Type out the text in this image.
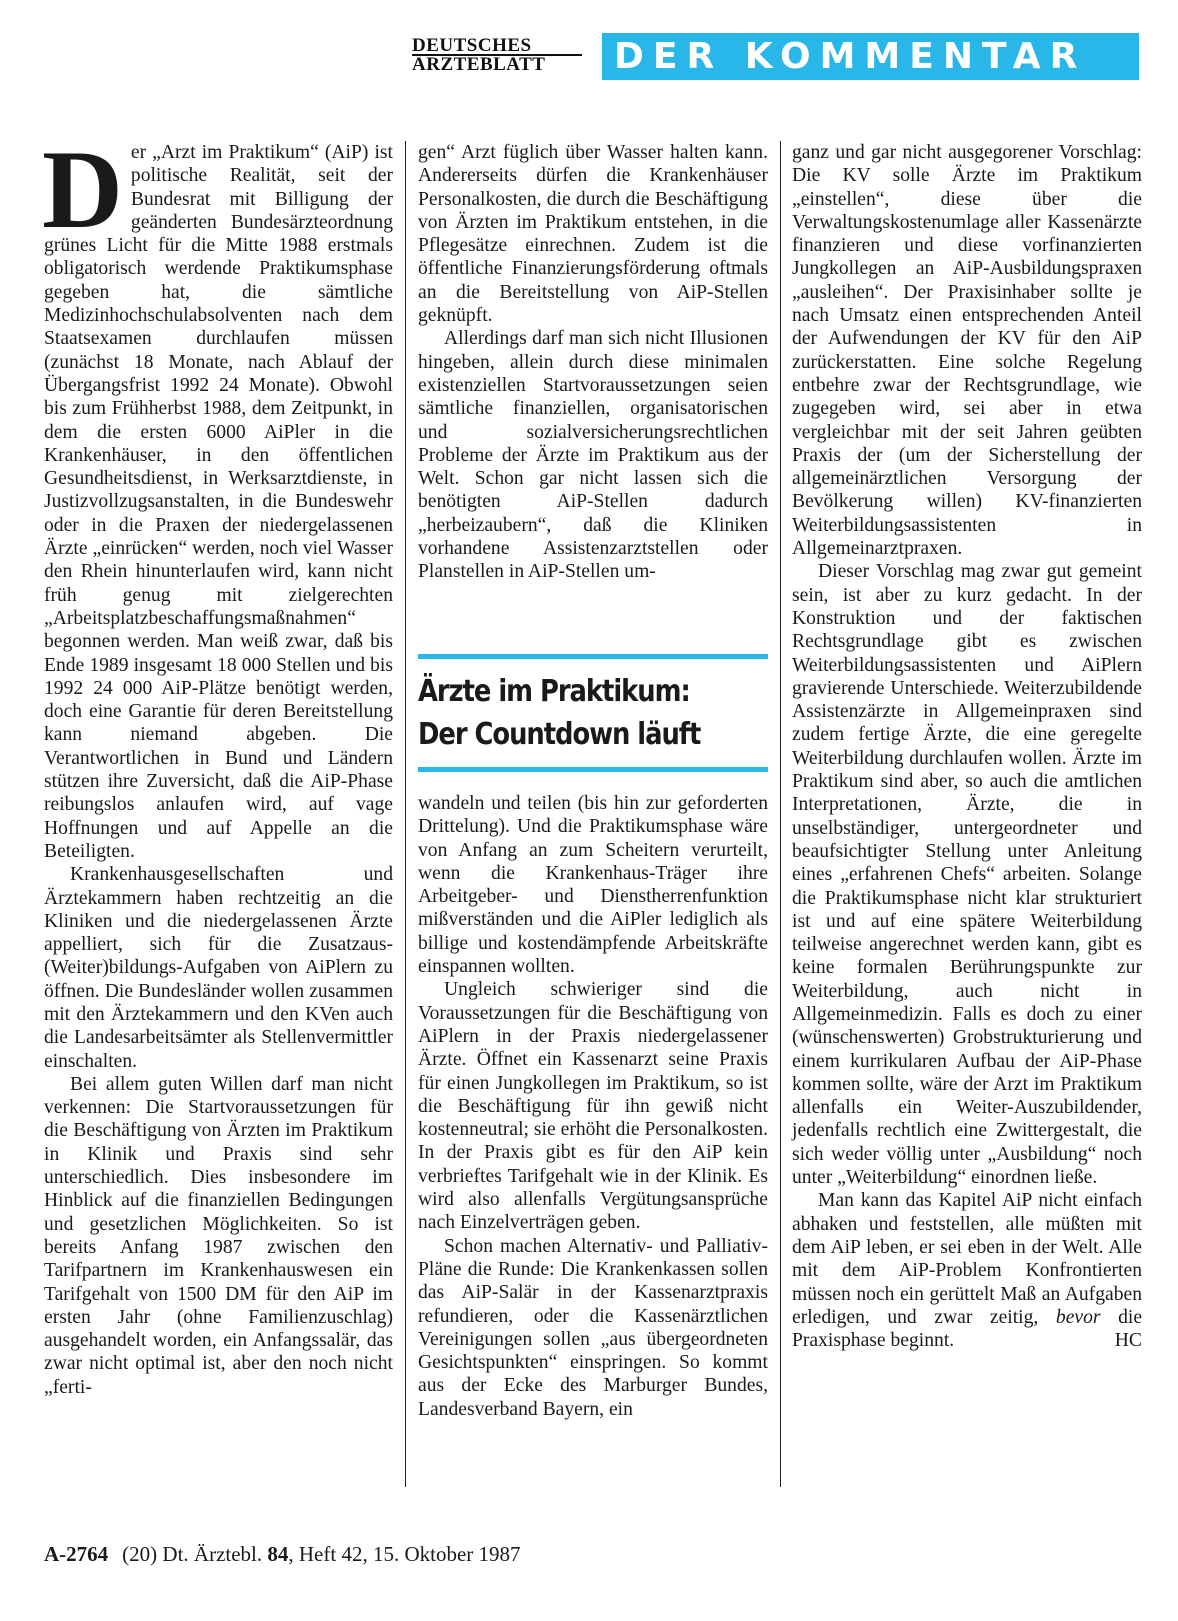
DEUTSCHES
ÄRZTEBLATT	DER KOMMENTAR

Der „Arzt im Praktikum“ (AiP) ist politische Realität, seit der Bundesrat mit Billigung der geänderten Bundesärzteordnung grünes Licht für die Mitte 1988 erstmals obligatorisch werdende Praktikumsphase gegeben hat, die sämtliche Medizinhochschulabsolventen nach dem Staatsexamen durchlaufen müssen (zunächst 18 Monate, nach Ablauf der Übergangsfrist 1992 24 Monate). Obwohl bis zum Frühherbst 1988, dem Zeitpunkt, in dem die ersten 6000 AiPler in die Krankenhäuser, in den öffentlichen Gesundheitsdienst, in Werksarztdienste, in Justizvollzugsanstalten, in die Bundeswehr oder in die Praxen der niedergelassenen Ärzte „einrücken“ werden, noch viel Wasser den Rhein hinunterlaufen wird, kann nicht früh genug mit zielgerechten „Arbeitsplatzbeschaffungsmaßnahmen“ begonnen werden. Man weiß zwar, daß bis Ende 1989 insgesamt 18 000 Stellen und bis 1992 24 000 AiP-Plätze benötigt werden, doch eine Garantie für deren Bereitstellung kann niemand abgeben. Die Verantwortlichen in Bund und Ländern stützen ihre Zuversicht, daß die AiP-Phase reibungslos anlaufen wird, auf vage Hoffnungen und auf Appelle an die Beteiligten.

Krankenhausgesellschaften und Ärztekammern haben rechtzeitig an die Kliniken und die niedergelassenen Ärzte appelliert, sich für die Zusatzaus-(Weiter)bildungs-Aufgaben von AiPlern zu öffnen. Die Bundesländer wollen zusammen mit den Ärztekammern und den KVen auch die Landesarbeitsämter als Stellenvermittler einschalten.

Bei allem guten Willen darf man nicht verkennen: Die Startvoraussetzungen für die Beschäftigung von Ärzten im Praktikum in Klinik und Praxis sind sehr unterschiedlich. Dies insbesondere im Hinblick auf die finanziellen Bedingungen und gesetzlichen Möglichkeiten. So ist bereits Anfang 1987 zwischen den Tarifpartnern im Krankenhauswesen ein Tarifgehalt von 1500 DM für den AiP im ersten Jahr (ohne Familienzuschlag) ausgehandelt worden, ein Anfangssalär, das zwar nicht optimal ist, aber den noch nicht „ferti-

gen“ Arzt füglich über Wasser halten kann. Andererseits dürfen die Krankenhäuser Personalkosten, die durch die Beschäftigung von Ärzten im Praktikum entstehen, in die Pflegesätze einrechnen. Zudem ist die öffentliche Finanzierungsförderung oftmals an die Bereitstellung von AiP-Stellen geknüpft.

Allerdings darf man sich nicht Illusionen hingeben, allein durch diese minimalen existenziellen Startvoraussetzungen seien sämtliche finanziellen, organisatorischen und sozialversicherungsrechtlichen Probleme der Ärzte im Praktikum aus der Welt. Schon gar nicht lassen sich die benötigten AiP-Stellen dadurch „herbeizaubern“, daß die Kliniken vorhandene Assistenzarztstellen oder Planstellen in AiP-Stellen um-

Ärzte im Praktikum:
Der Countdown läuft

wandeln und teilen (bis hin zur geforderten Drittelung). Und die Praktikumsphase wäre von Anfang an zum Scheitern verurteilt, wenn die Krankenhaus-Träger ihre Arbeitgeber- und Dienstherrenfunktion mißverständen und die AiPler lediglich als billige und kostendämpfende Arbeitskräfte einspannen wollten.

Ungleich schwieriger sind die Voraussetzungen für die Beschäftigung von AiPlern in der Praxis niedergelassener Ärzte. Öffnet ein Kassenarzt seine Praxis für einen Jungkollegen im Praktikum, so ist die Beschäftigung für ihn gewiß nicht kostenneutral; sie erhöht die Personalkosten. In der Praxis gibt es für den AiP kein verbrieftes Tarifgehalt wie in der Klinik. Es wird also allenfalls Vergütungsansprüche nach Einzelverträgen geben.

Schon machen Alternativ- und Palliativ-Pläne die Runde: Die Krankenkassen sollen das AiP-Salär in der Kassenarztpraxis refundieren, oder die Kassenärztlichen Vereinigungen sollen „aus übergeordneten Gesichtspunkten“ einspringen. So kommt aus der Ecke des Marburger Bundes, Landesverband Bayern, ein

ganz und gar nicht ausgegorener Vorschlag: Die KV solle Ärzte im Praktikum „einstellen“, diese über die Verwaltungskostenumlage aller Kassenärzte finanzieren und diese vorfinanzierten Jungkollegen an AiP-Ausbildungspraxen „ausleihen“. Der Praxisinhaber sollte je nach Umsatz einen entsprechenden Anteil der Aufwendungen der KV für den AiP zurückerstatten. Eine solche Regelung entbehre zwar der Rechtsgrundlage, wie zugegeben wird, sei aber in etwa vergleichbar mit der seit Jahren geübten Praxis der (um der Sicherstellung der allgemeinärztlichen Versorgung der Bevölkerung willen) KV-finanzierten Weiterbildungsassistenten in Allgemeinarztpraxen.

Dieser Vorschlag mag zwar gut gemeint sein, ist aber zu kurz gedacht. In der Konstruktion und der faktischen Rechtsgrundlage gibt es zwischen Weiterbildungsassistenten und AiPlern gravierende Unterschiede. Weiterzubildende Assistenzärzte in Allgemeinpraxen sind zudem fertige Ärzte, die eine geregelte Weiterbildung durchlaufen wollen. Ärzte im Praktikum sind aber, so auch die amtlichen Interpretationen, Ärzte, die in unselbständiger, untergeordneter und beaufsichtigter Stellung unter Anleitung eines „erfahrenen Chefs“ arbeiten. Solange die Praktikumsphase nicht klar strukturiert ist und auf eine spätere Weiterbildung teilweise angerechnet werden kann, gibt es keine formalen Berührungspunkte zur Weiterbildung, auch nicht in Allgemeinmedizin. Falls es doch zu einer (wünschenswerten) Grobstrukturierung und einem kurrikularen Aufbau der AiP-Phase kommen sollte, wäre der Arzt im Praktikum allenfalls ein Weiter-Auszubildender, jedenfalls rechtlich eine Zwittergestalt, die sich weder völlig unter „Ausbildung“ noch unter „Weiterbildung“ einordnen ließe.

Man kann das Kapitel AiP nicht einfach abhaken und feststellen, alle müßten mit dem AiP leben, er sei eben in der Welt. Alle mit dem AiP-Problem Konfrontierten müssen noch ein gerüttelt Maß an Aufgaben erledigen, und zwar zeitig, bevor die Praxisphase beginnt.	HC

A-2764 (20) Dt. Ärztebl. 84, Heft 42, 15. Oktober 1987
